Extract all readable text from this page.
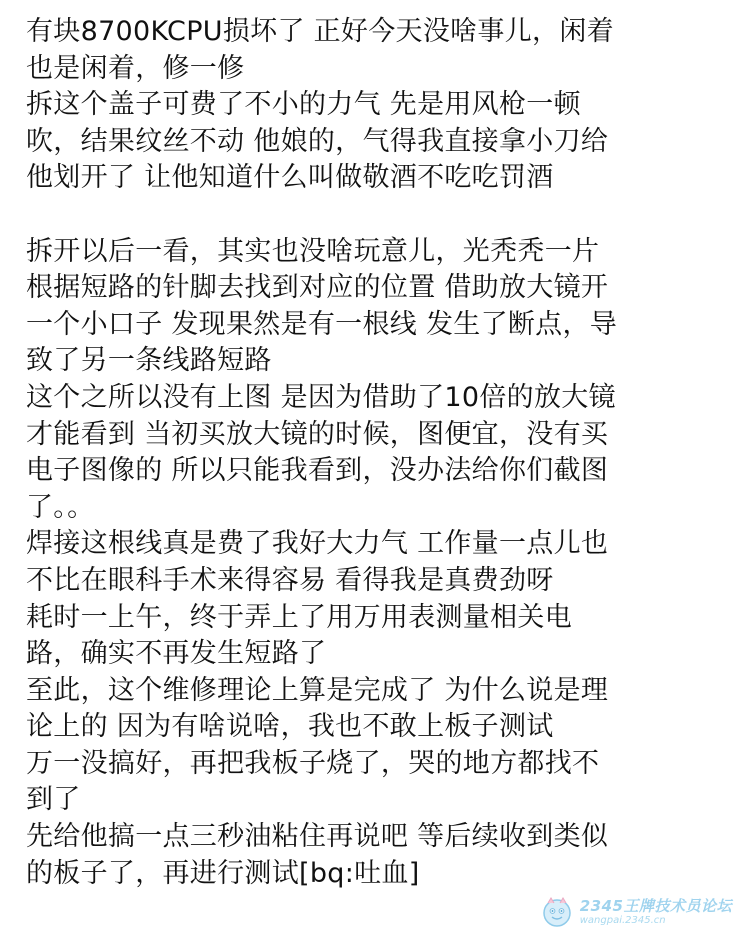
有块8700KCPU损坏了 正好今天没啥事儿，闲着
也是闲着，修一修
拆这个盖子可费了不小的力气 先是用风枪一顿
吹，结果纹丝不动 他娘的，气得我直接拿小刀给
他划开了 让他知道什么叫做敬酒不吃吃罚酒
拆开以后一看，其实也没啥玩意儿，光秃秃一片
根据短路的针脚去找到对应的位置 借助放大镜开
一个小口子 发现果然是有一根线 发生了断点，导
致了另一条线路短路
这个之所以没有上图 是因为借助了10倍的放大镜
才能看到 当初买放大镜的时候，图便宜，没有买
电子图像的 所以只能我看到，没办法给你们截图
了。。
焊接这根线真是费了我好大力气 工作量一点儿也
不比在眼科手术来得容易 看得我是真费劲呀
耗时一上午，终于弄上了用万用表测量相关电
路，确实不再发生短路了
至此，这个维修理论上算是完成了 为什么说是理
论上的 因为有啥说啥，我也不敢上板子测试
万一没搞好，再把我板子烧了，哭的地方都找不
到了
先给他搞一点三秒油粘住再说吧 等后续收到类似
的板子了，再进行测试[bq:吐血]
2345王牌技术员论坛
wangpai.2345.cn
